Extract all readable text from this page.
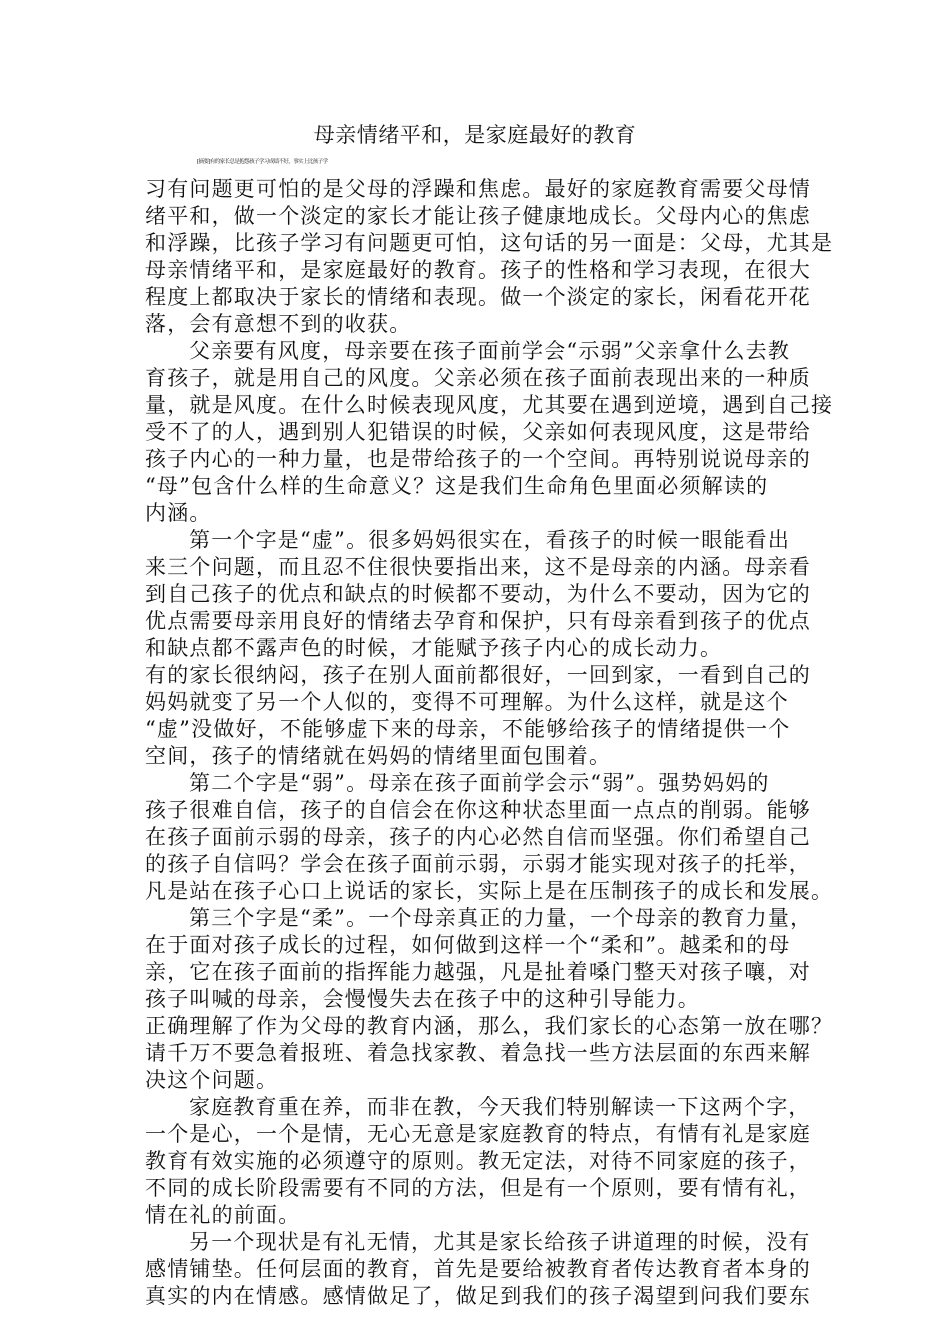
母亲情绪平和，是家庭最好的教育
[摘要]有的家长总是抱怨孩子学习成绩不好，事实上比孩子学
习有问题更可怕的是父母的浮躁和焦虑。最好的家庭教育需要父母情
绪平和，做一个淡定的家长才能让孩子健康地成长。父母内心的焦虑
和浮躁，比孩子学习有问题更可怕，这句话的另一面是：父母，尤其是
母亲情绪平和，是家庭最好的教育。孩子的性格和学习表现，在很大
程度上都取决于家长的情绪和表现。做一个淡定的家长，闲看花开花
落，会有意想不到的收获。
父亲要有风度，母亲要在孩子面前学会“示弱”父亲拿什么去教
育孩子，就是用自己的风度。父亲必须在孩子面前表现出来的一种质
量，就是风度。在什么时候表现风度，尤其要在遇到逆境，遇到自己接
受不了的人，遇到别人犯错误的时候，父亲如何表现风度，这是带给
孩子内心的一种力量，也是带给孩子的一个空间。再特别说说母亲的
“母”包含什么样的生命意义？这是我们生命角色里面必须解读的
内涵。
第一个字是“虚”。很多妈妈很实在，看孩子的时候一眼能看出
来三个问题，而且忍不住很快要指出来，这不是母亲的内涵。母亲看
到自己孩子的优点和缺点的时候都不要动，为什么不要动，因为它的
优点需要母亲用良好的情绪去孕育和保护，只有母亲看到孩子的优点
和缺点都不露声色的时候，才能赋予孩子内心的成长动力。
有的家长很纳闷，孩子在别人面前都很好，一回到家，一看到自己的
妈妈就变了另一个人似的，变得不可理解。为什么这样，就是这个
“虚”没做好，不能够虚下来的母亲，不能够给孩子的情绪提供一个
空间，孩子的情绪就在妈妈的情绪里面包围着。
第二个字是“弱”。母亲在孩子面前学会示“弱”。强势妈妈的
孩子很难自信，孩子的自信会在你这种状态里面一点点的削弱。能够
在孩子面前示弱的母亲，孩子的内心必然自信而坚强。你们希望自己
的孩子自信吗？学会在孩子面前示弱，示弱才能实现对孩子的托举，
凡是站在孩子心口上说话的家长，实际上是在压制孩子的成长和发展。
第三个字是“柔”。一个母亲真正的力量，一个母亲的教育力量，
在于面对孩子成长的过程，如何做到这样一个“柔和”。越柔和的母
亲，它在孩子面前的指挥能力越强，凡是扯着嗓门整天对孩子嚷，对
孩子叫喊的母亲，会慢慢失去在孩子中的这种引导能力。
正确理解了作为父母的教育内涵，那么，我们家长的心态第一放在哪？
请千万不要急着报班、着急找家教、着急找一些方法层面的东西来解
决这个问题。
家庭教育重在养，而非在教，今天我们特别解读一下这两个字，
一个是心，一个是情，无心无意是家庭教育的特点，有情有礼是家庭
教育有效实施的必须遵守的原则。教无定法，对待不同家庭的孩子，
不同的成长阶段需要有不同的方法，但是有一个原则，要有情有礼，
情在礼的前面。
另一个现状是有礼无情，尤其是家长给孩子讲道理的时候，没有
感情铺垫。任何层面的教育，首先是要给被教育者传达教育者本身的
真实的内在情感。感情做足了，做足到我们的孩子渴望到问我们要东
